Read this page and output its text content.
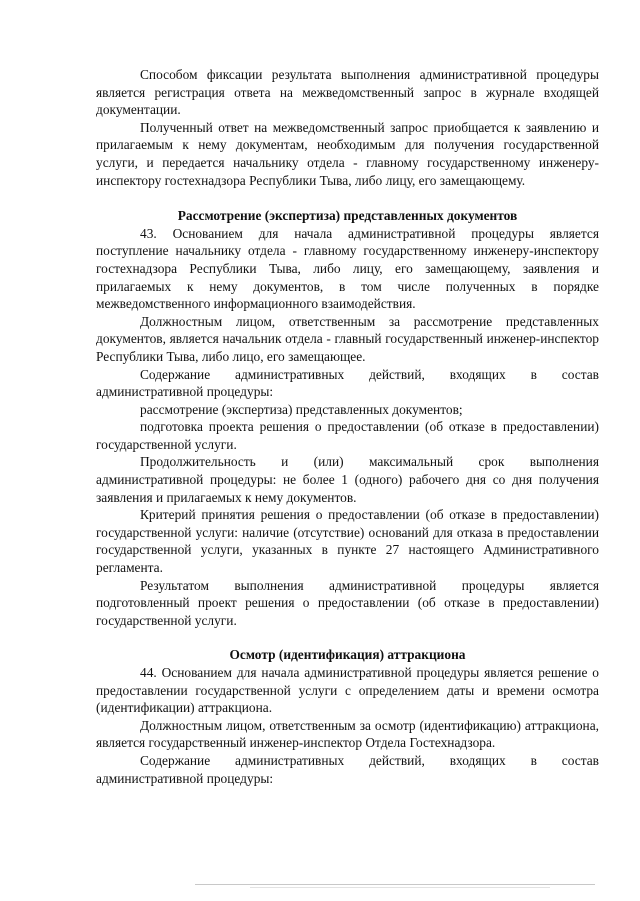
Способом фиксации результата выполнения административной процедуры является регистрация ответа на межведомственный запрос в журнале входящей документации.

Полученный ответ на межведомственный запрос приобщается к заявлению и прилагаемым к нему документам, необходимым для получения государственной услуги, и передается начальнику отдела - главному государственному инженеру-инспектору гостехнадзора Республики Тыва, либо лицу, его замещающему.

Рассмотрение (экспертиза) представленных документов

43. Основанием для начала административной процедуры является поступление начальнику отдела - главному государственному инженеру-инспектору гостехнадзора Республики Тыва, либо лицу, его замещающему, заявления и прилагаемых к нему документов, в том числе полученных в порядке межведомственного информационного взаимодействия.

Должностным лицом, ответственным за рассмотрение представленных документов, является начальник отдела - главный государственный инженер-инспектор Республики Тыва, либо лицо, его замещающее.

Содержание административных действий, входящих в состав административной процедуры:

рассмотрение (экспертиза) представленных документов;

подготовка проекта решения о предоставлении (об отказе в предоставлении) государственной услуги.

Продолжительность и (или) максимальный срок выполнения административной процедуры: не более 1 (одного) рабочего дня со дня получения заявления и прилагаемых к нему документов.

Критерий принятия решения о предоставлении (об отказе в предоставлении) государственной услуги: наличие (отсутствие) оснований для отказа в предоставлении государственной услуги, указанных в пункте 27 настоящего Административного регламента.

Результатом выполнения административной процедуры является подготовленный проект решения о предоставлении (об отказе в предоставлении) государственной услуги.

Осмотр (идентификация) аттракциона

44. Основанием для начала административной процедуры является решение о предоставлении государственной услуги с определением даты и времени осмотра (идентификации) аттракциона.

Должностным лицом, ответственным за осмотр (идентификацию) аттракциона, является государственный инженер-инспектор Отдела Гостехнадзора.

Содержание административных действий, входящих в состав административной процедуры:
